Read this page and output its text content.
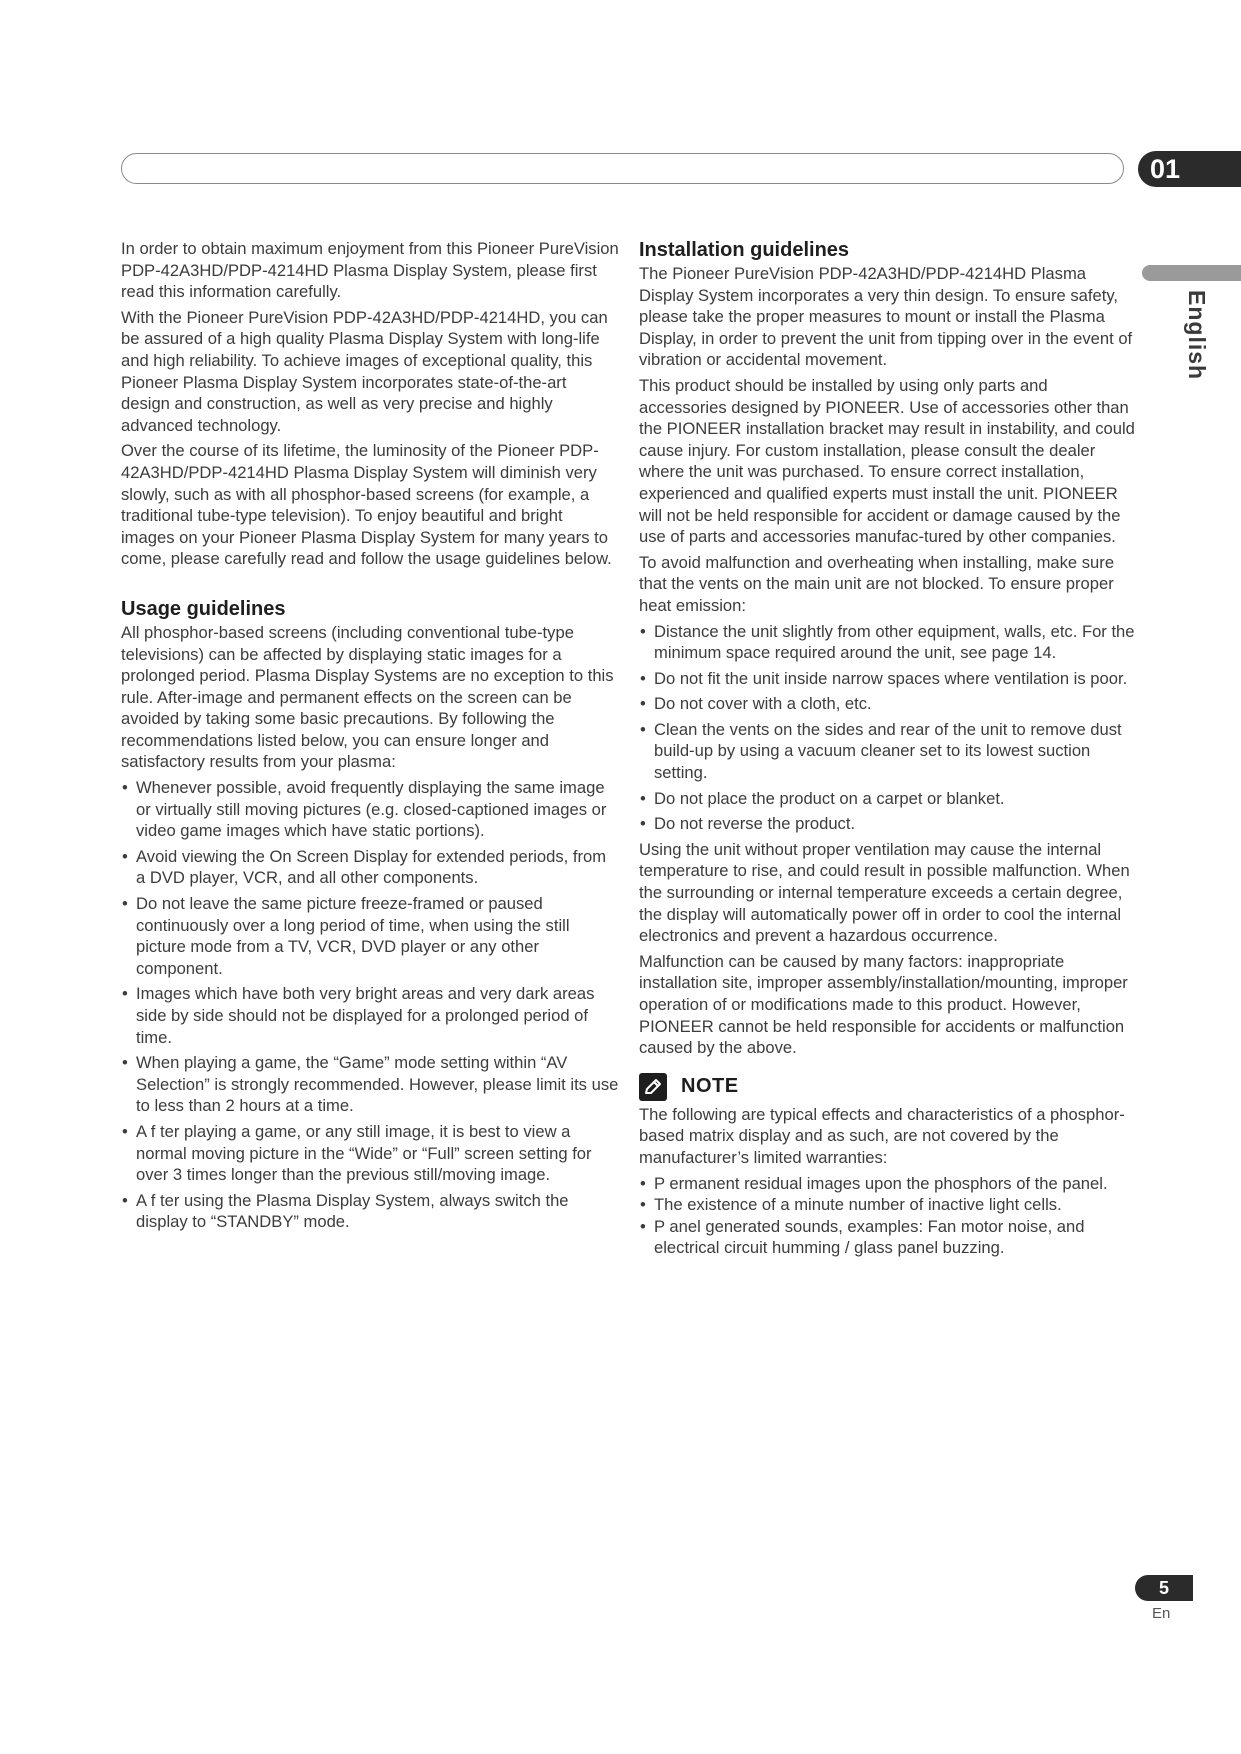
01
English

In order to obtain maximum enjoyment from this Pioneer PureVision PDP-42A3HD/PDP-4214HD Plasma Display System, please first read this information carefully.

With the Pioneer PureVision PDP-42A3HD/PDP-4214HD, you can be assured of a high quality Plasma Display System with long-life and high reliability. To achieve images of exceptional quality, this Pioneer Plasma Display System incorporates state-of-the-art design and construction, as well as very precise and highly advanced technology.

Over the course of its lifetime, the luminosity of the Pioneer PDP-42A3HD/PDP-4214HD Plasma Display System will diminish very slowly, such as with all phosphor-based screens (for example, a traditional tube-type television). To enjoy beautiful and bright images on your Pioneer Plasma Display System for many years to come, please carefully read and follow the usage guidelines below.

Usage guidelines

All phosphor-based screens (including conventional tube-type televisions) can be affected by displaying static images for a prolonged period. Plasma Display Systems are no exception to this rule. After-image and permanent effects on the screen can be avoided by taking some basic precautions. By following the recommendations listed below, you can ensure longer and satisfactory results from your plasma:

• Whenever possible, avoid frequently displaying the same image or virtually still moving pictures (e.g. closed-captioned images or video game images which have static portions).
• Avoid viewing the On Screen Display for extended periods, from a DVD player, VCR, and all other components.
• Do not leave the same picture freeze-framed or paused continuously over a long period of time, when using the still picture mode from a TV, VCR, DVD player or any other component.
• Images which have both very bright areas and very dark areas side by side should not be displayed for a prolonged period of time.
• When playing a game, the “Game” mode setting within “AV Selection” is strongly recommended. However, please limit its use to less than 2 hours at a time.
• A f ter playing a game, or any still image, it is best to view a normal moving picture in the “Wide” or “Full” screen setting for over 3 times longer than the previous still/moving image.
• A f ter using the Plasma Display System, always switch the display to “STANDBY” mode.
Installation guidelines

The Pioneer PureVision PDP-42A3HD/PDP-4214HD Plasma Display System incorporates a very thin design. To ensure safety, please take the proper measures to mount or install the Plasma Display, in order to prevent the unit from tipping over in the event of vibration or accidental movement.

This product should be installed by using only parts and accessories designed by PIONEER. Use of accessories other than the PIONEER installation bracket may result in instability, and could cause injury. For custom installation, please consult the dealer where the unit was purchased. To ensure correct installation, experienced and qualified experts must install the unit. PIONEER will not be held responsible for accident or damage caused by the use of parts and accessories manufac-tured by other companies.

To avoid malfunction and overheating when installing, make sure that the vents on the main unit are not blocked. To ensure proper heat emission:

• Distance the unit slightly from other equipment, walls, etc. For the minimum space required around the unit, see page 14.
• Do not fit the unit inside narrow spaces where ventilation is poor.
• Do not cover with a cloth, etc.
• Clean the vents on the sides and rear of the unit to remove dust build-up by using a vacuum cleaner set to its lowest suction setting.
• Do not place the product on a carpet or blanket.
• Do not reverse the product.

Using the unit without proper ventilation may cause the internal temperature to rise, and could result in possible malfunction. When the surrounding or internal temperature exceeds a certain degree, the display will automatically power off in order to cool the internal electronics and prevent a hazardous occurrence.

Malfunction can be caused by many factors: inappropriate installation site, improper assembly/installation/mounting, improper operation of or modifications made to this product. However, PIONEER cannot be held responsible for accidents or malfunction caused by the above.

NOTE

The following are typical effects and characteristics of a phosphor-based matrix display and as such, are not covered by the manufacturer’s limited warranties:

• P ermanent residual images upon the phosphors of the panel.
• The existence of a minute number of inactive light cells.
• P anel generated sounds, examples: Fan motor noise, and electrical circuit humming / glass panel buzzing.
5
En
